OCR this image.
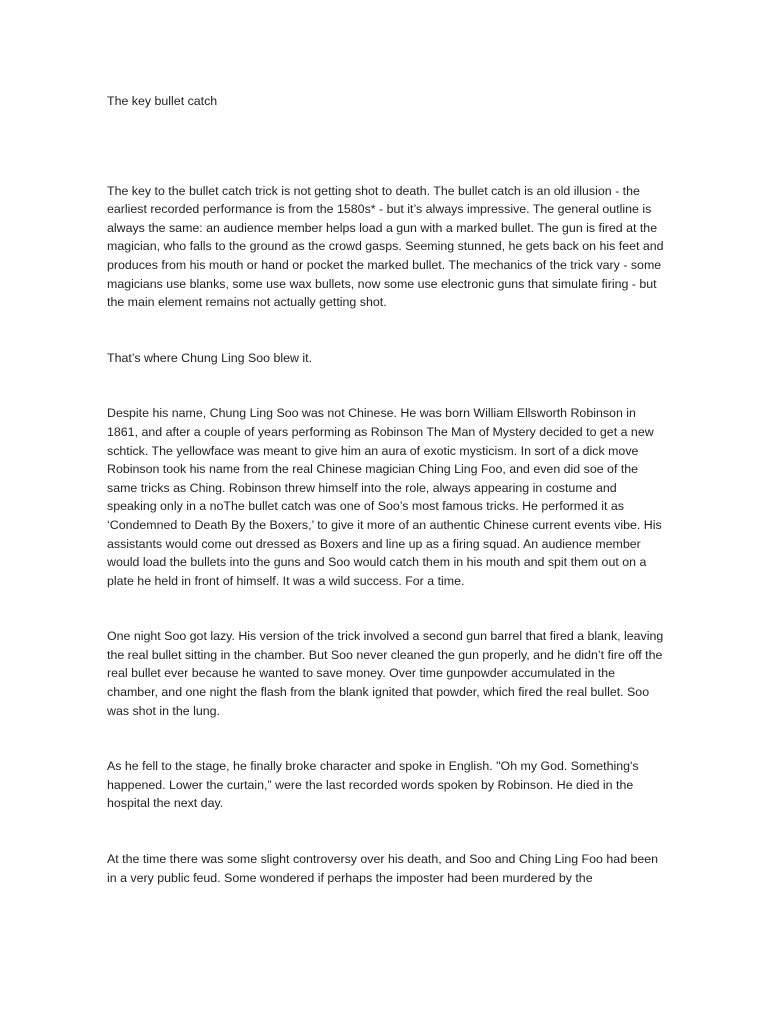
The key bullet catch

The key to the bullet catch trick is not getting shot to death. The bullet catch is an old illusion - the earliest recorded performance is from the 1580s* - but it’s always impressive. The general outline is always the same: an audience member helps load a gun with a marked bullet. The gun is fired at the magician, who falls to the ground as the crowd gasps. Seeming stunned, he gets back on his feet and produces from his mouth or hand or pocket the marked bullet. The mechanics of the trick vary - some magicians use blanks, some use wax bullets, now some use electronic guns that simulate firing - but the main element remains not actually getting shot.

That’s where Chung Ling Soo blew it.

Despite his name, Chung Ling Soo was not Chinese. He was born William Ellsworth Robinson in 1861, and after a couple of years performing as Robinson The Man of Mystery decided to get a new schtick. The yellowface was meant to give him an aura of exotic mysticism. In sort of a dick move Robinson took his name from the real Chinese magician Ching Ling Foo, and even did soe of the same tricks as Ching. Robinson threw himself into the role, always appearing in costume and speaking only in a noThe bullet catch was one of Soo’s most famous tricks. He performed it as ‘Condemned to Death By the Boxers,’ to give it more of an authentic Chinese current events vibe. His assistants would come out dressed as Boxers and line up as a firing squad. An audience member would load the bullets into the guns and Soo would catch them in his mouth and spit them out on a plate he held in front of himself. It was a wild success. For a time.

One night Soo got lazy. His version of the trick involved a second gun barrel that fired a blank, leaving the real bullet sitting in the chamber. But Soo never cleaned the gun properly, and he didn’t fire off the real bullet ever because he wanted to save money. Over time gunpowder accumulated in the chamber, and one night the flash from the blank ignited that powder, which fired the real bullet. Soo was shot in the lung.

As he fell to the stage, he finally broke character and spoke in English. "Oh my God. Something's happened. Lower the curtain,” were the last recorded words spoken by Robinson. He died in the hospital the next day.

At the time there was some slight controversy over his death, and Soo and Ching Ling Foo had been in a very public feud. Some wondered if perhaps the imposter had been murdered by the
